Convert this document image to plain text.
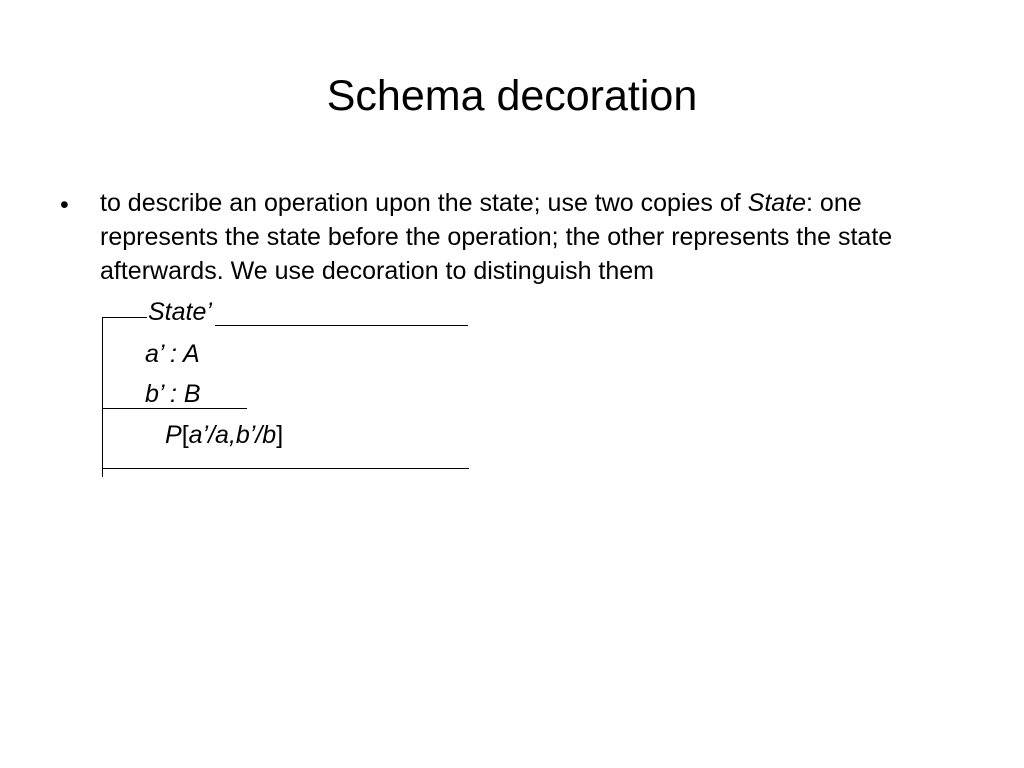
Schema decoration
• to describe an operation upon the state; use two copies of State: one represents the state before the operation; the other represents the state afterwards. We use decoration to distinguish them
State’
a’ : A
b’ : B
P[a’/a,b’/b]
